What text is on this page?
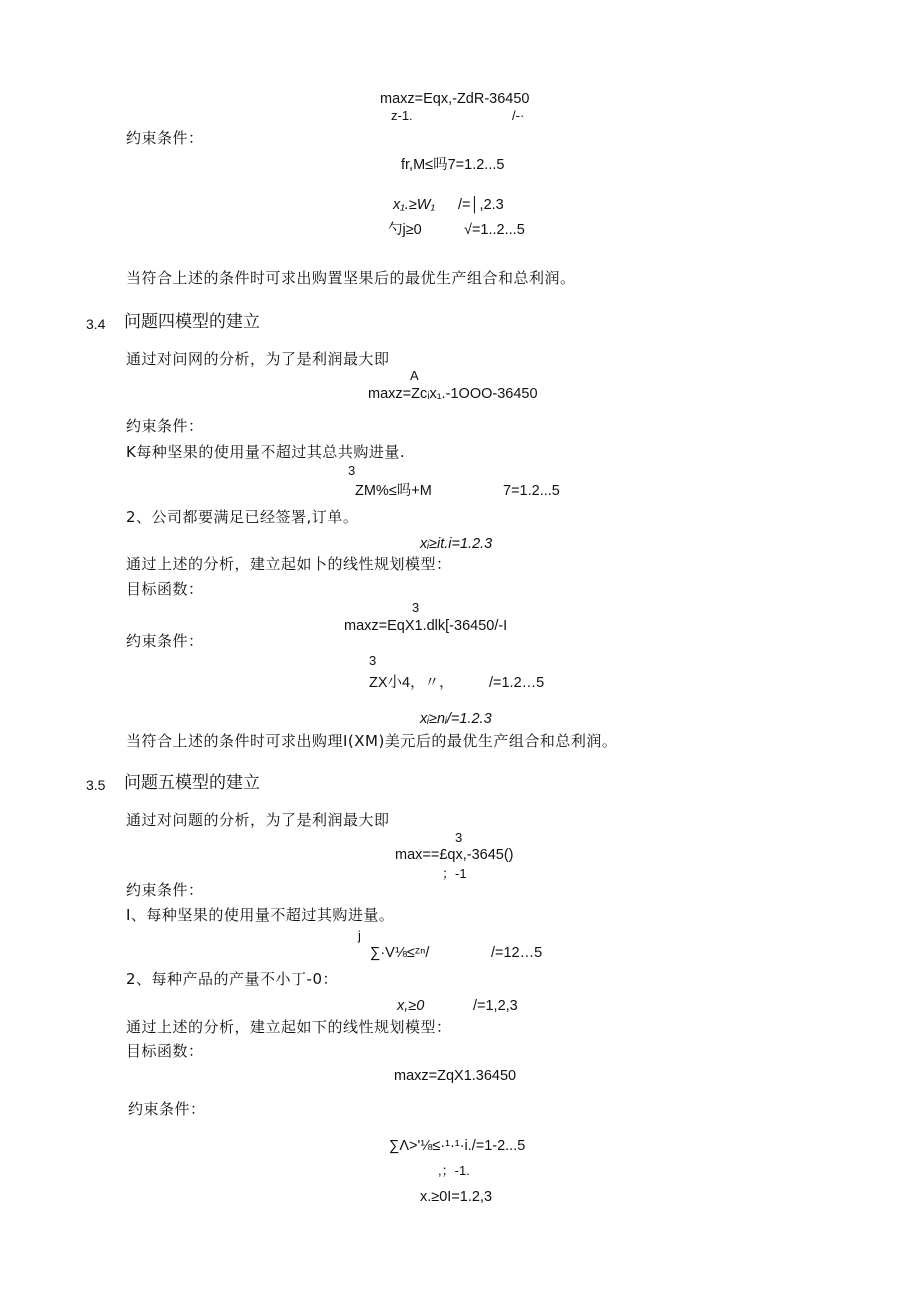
maxz=Eqx,-ZdR-36450
z-1.	/-·
约束条件：
fr,M≤吗7=1.2...5
x₁.≥W₁ /=│,2.3
勺j≥0	√=1..2...5
当符合上述的条件时可求出购置坚果后的最优生产组合和总利润。
3.4 问题四模型的建立
通过对问网的分析，为了是利润最大即
A
maxz=Zcᵢx₁.-1OOO-36450
约束条件：
K每种坚果的使用量不超过其总共购进量.
3
ZM%≤吗+M	7=1.2...5
2、公司都要满足已经签署,订单。
xᵢ≥it.i=1.2.3
通过上述的分析，建立起如卜的线性规划模型：
目标函数：
3
maxz=EqX1.dlk[-36450/-I
约束条件：
3
ZX小4，〃， /=1.2…5
xᵢ≥nᵢ/=1.2.3
当符合上述的条件时可求出购理I(XM)美元后的最优生产组合和总利润。
3.5 问题五模型的建立
通过对问题的分析，为了是利润最大即
3
max==£qx,-3645()
；-1
约束条件：
I、每种坚果的使用量不超过其购进量。
j
∑·V⅛≤ᶻⁿ/	/=12…5
2、每种产品的产量不小丁-0：
x,≥0	/=1,2,3
通过上述的分析，建立起如下的线性规划模型：
目标函数：
maxz=ZqX1.36450
约束条件：
∑Λ>'⅛≤·¹·¹·i./=1-2...5
,；-1.
x.≥0I=1.2,3
